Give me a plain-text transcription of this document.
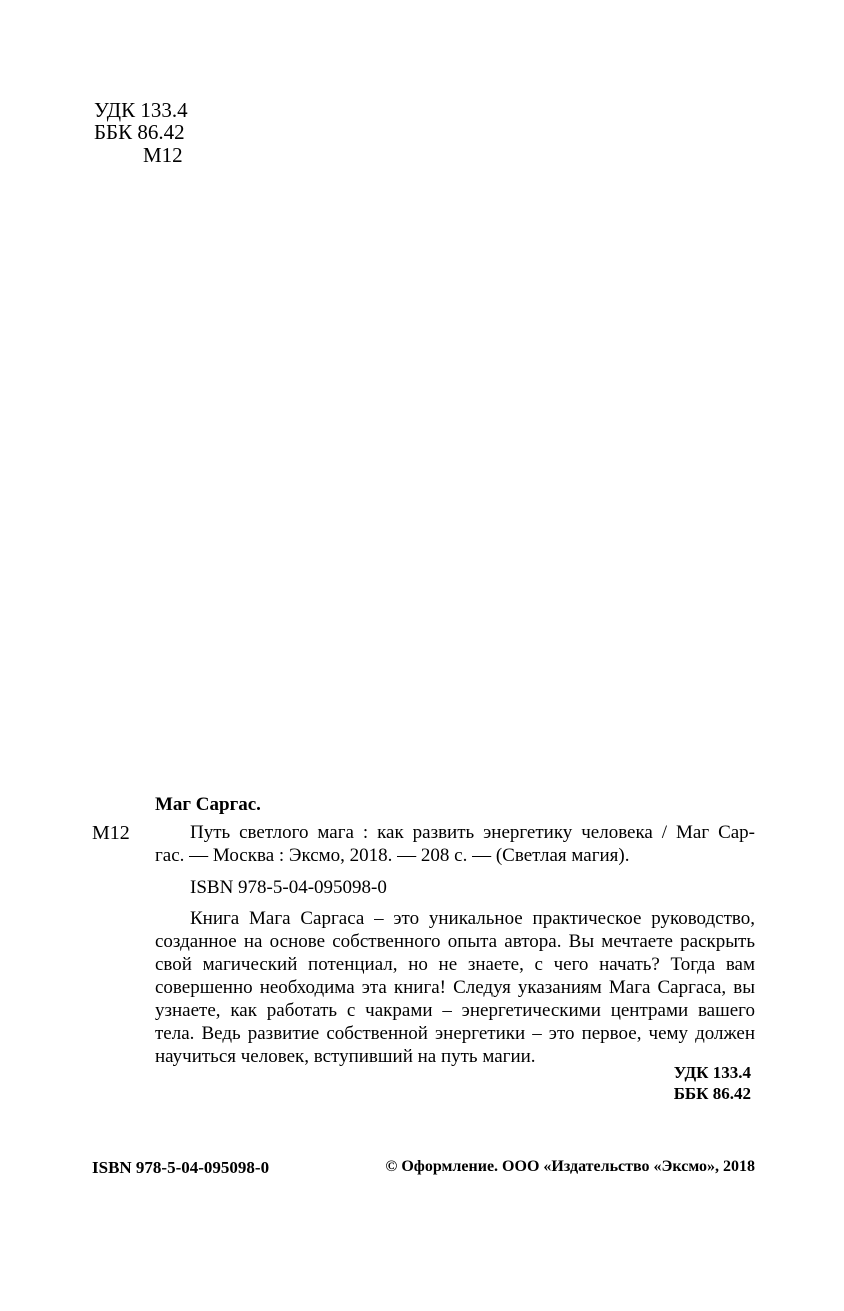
УДК 133.4
ББК 86.42
М12
Маг Саргас.
М12	Путь светлого мага : как развить энергетику человека / Маг Сар-
гас. — Москва : Эксмо, 2018. — 208 с. — (Светлая магия).
ISBN 978-5-04-095098-0
Книга Мага Саргаса – это уникальное практическое руководство,
созданное на основе собственного опыта автора. Вы мечтаете раскрыть
свой магический потенциал, но не знаете, с чего начать? Тогда вам
совершенно необходима эта книга! Следуя указаниям Мага Саргаса, вы
узнаете, как работать с чакрами – энергетическими центрами вашего
тела. Ведь развитие собственной энергетики – это первое, чему должен
научиться человек, вступивший на путь магии.
УДК 133.4
ББК 86.42
ISBN 978-5-04-095098-0	© Оформление. ООО «Издательство «Эксмо», 2018
